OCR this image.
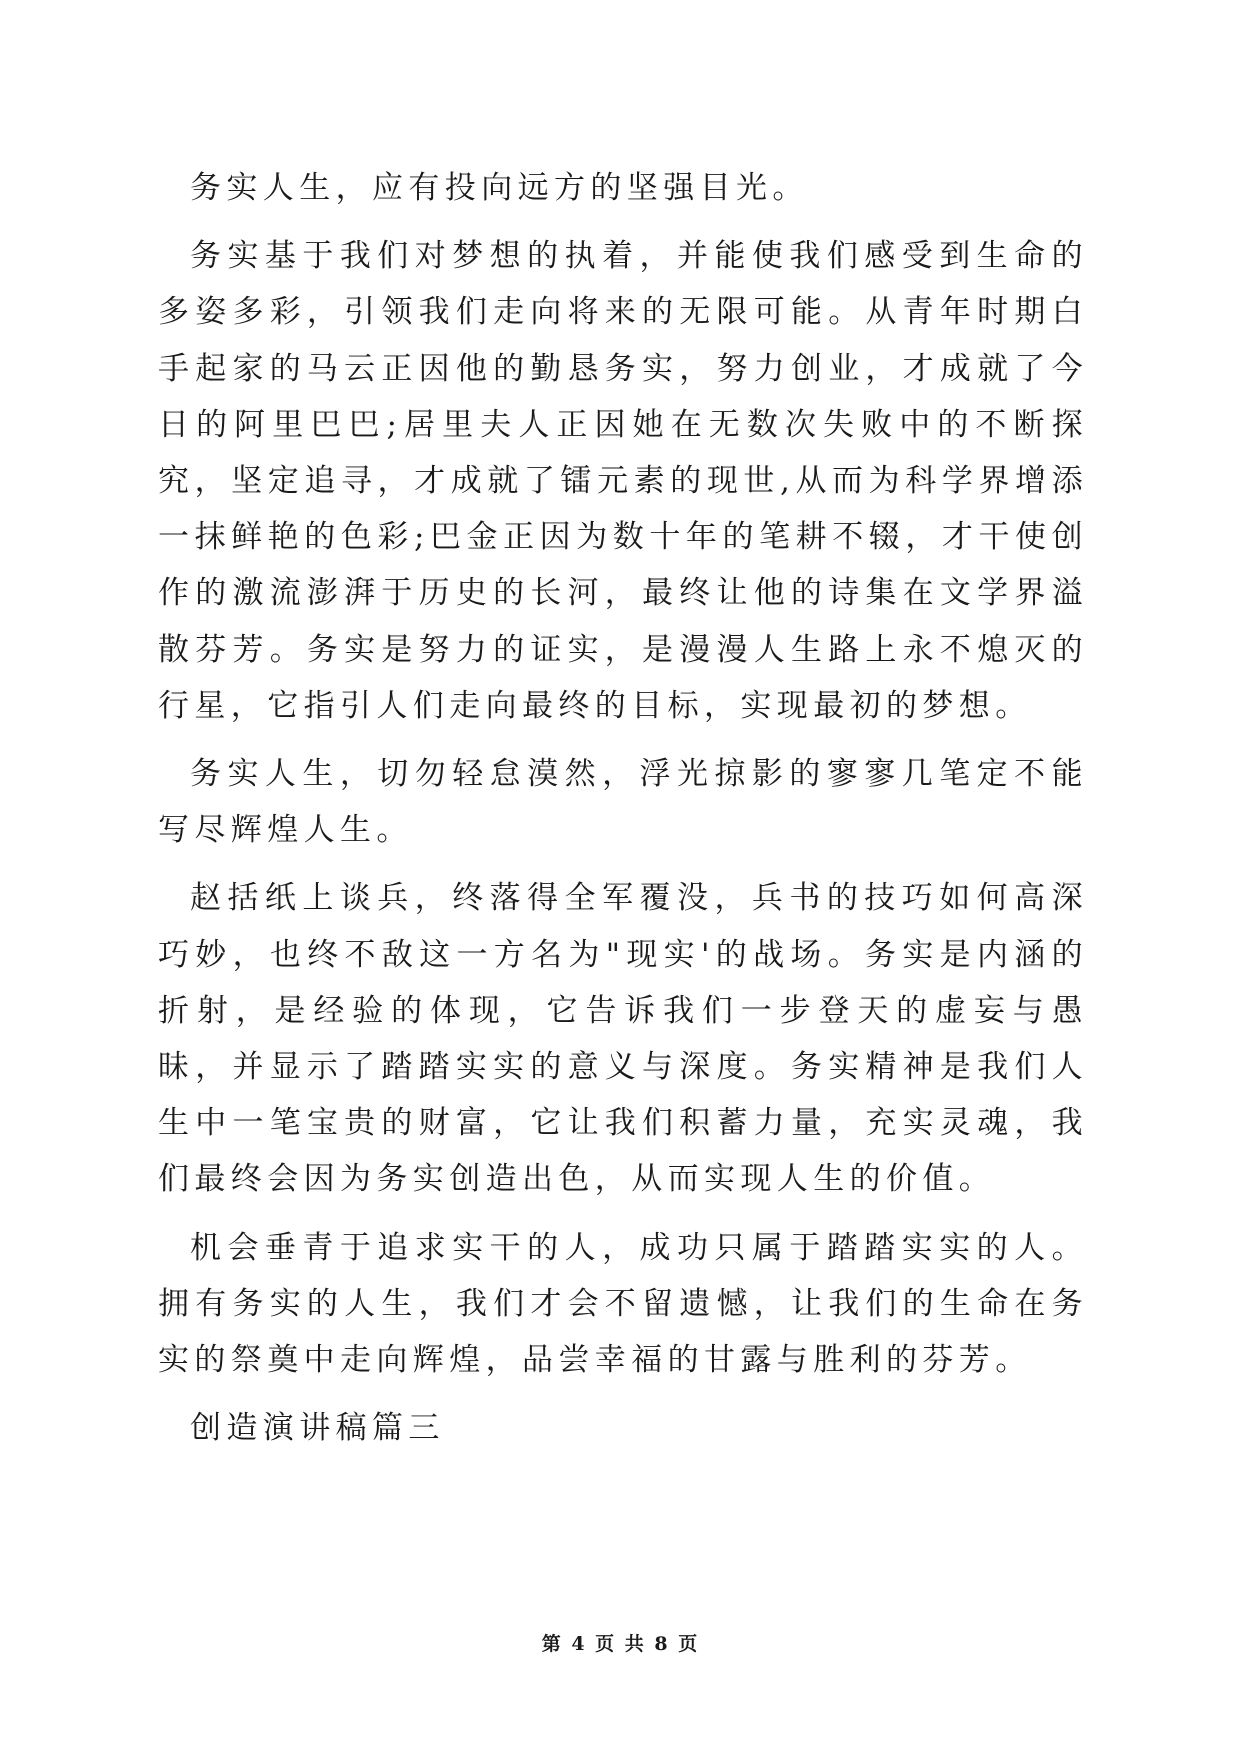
务实人生，应有投向远方的坚强目光。

务实基于我们对梦想的执着，并能使我们感受到生命的多姿多彩，引领我们走向将来的无限可能。从青年时期白手起家的马云正因他的勤恳务实，努力创业，才成就了今日的阿里巴巴;居里夫人正因她在无数次失败中的不断探究，坚定追寻，才成就了镭元素的现世,从而为科学界增添一抹鲜艳的色彩;巴金正因为数十年的笔耕不辍，才干使创作的激流澎湃于历史的长河，最终让他的诗集在文学界溢散芬芳。务实是努力的证实，是漫漫人生路上永不熄灭的行星，它指引人们走向最终的目标，实现最初的梦想。

务实人生，切勿轻怠漠然，浮光掠影的寥寥几笔定不能写尽辉煌人生。

赵括纸上谈兵，终落得全军覆没，兵书的技巧如何高深巧妙，也终不敌这一方名为"现实'的战场。务实是内涵的折射，是经验的体现，它告诉我们一步登天的虚妄与愚昧，并显示了踏踏实实的意义与深度。务实精神是我们人生中一笔宝贵的财富，它让我们积蓄力量，充实灵魂，我们最终会因为务实创造出色，从而实现人生的价值。

机会垂青于追求实干的人，成功只属于踏踏实实的人。拥有务实的人生，我们才会不留遗憾，让我们的生命在务实的祭奠中走向辉煌，品尝幸福的甘露与胜利的芬芳。

创造演讲稿篇三

第 4 页 共 8 页
